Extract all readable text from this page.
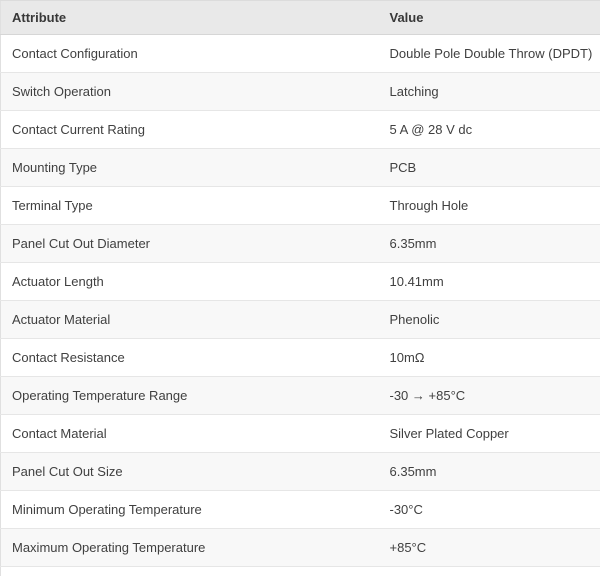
Attribute	Value
Contact Configuration	Double Pole Double Throw (DPDT)
Switch Operation	Latching
Contact Current Rating	5 A @ 28 V dc
Mounting Type	PCB
Terminal Type	Through Hole
Panel Cut Out Diameter	6.35mm
Actuator Length	10.41mm
Actuator Material	Phenolic
Contact Resistance	10mΩ
Operating Temperature Range	-30 → +85°C
Contact Material	Silver Plated Copper
Panel Cut Out Size	6.35mm
Minimum Operating Temperature	-30°C
Maximum Operating Temperature	+85°C
